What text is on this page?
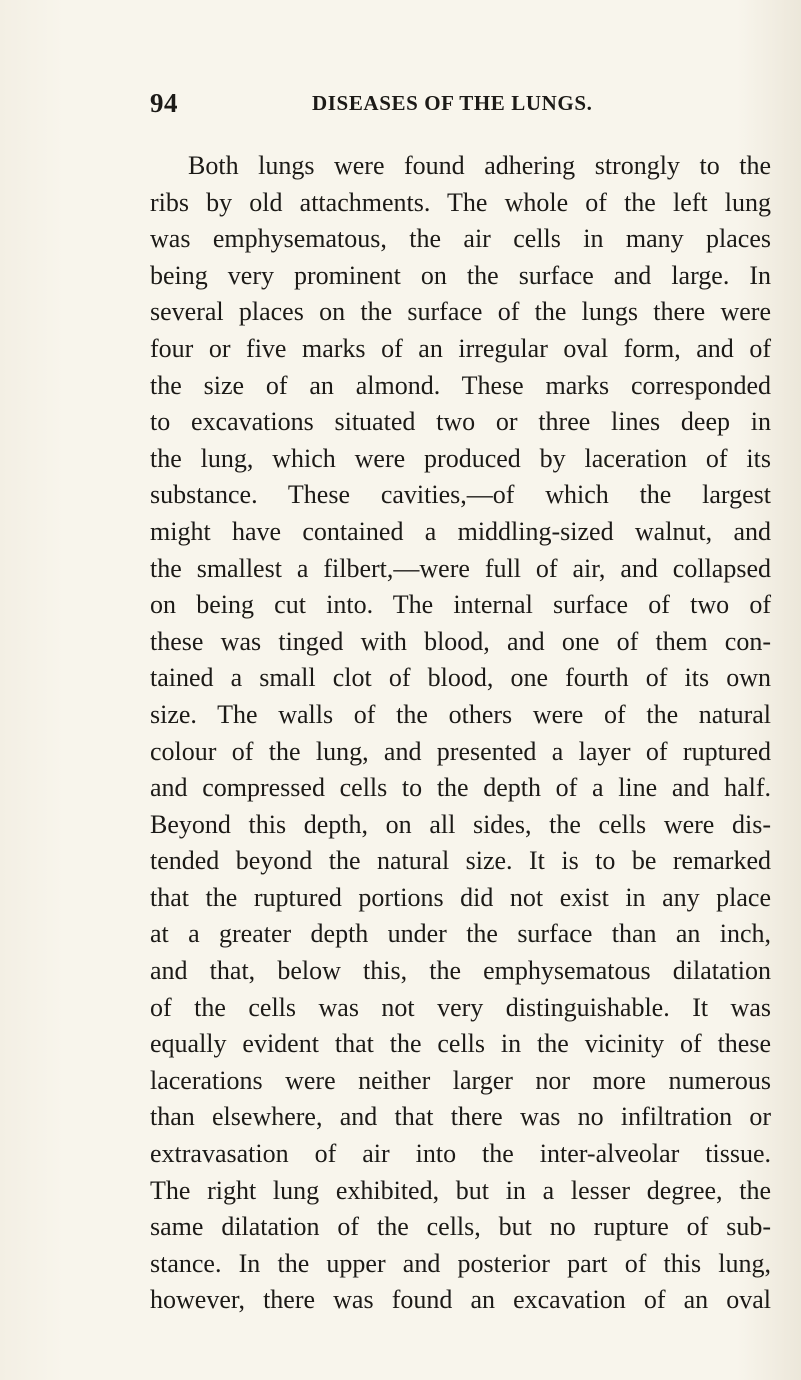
94	DISEASES OF THE LUNGS.
Both lungs were found adhering strongly to the
ribs by old attachments. The whole of the left lung
was emphysematous, the air cells in many places
being very prominent on the surface and large. In
several places on the surface of the lungs there were
four or five marks of an irregular oval form, and of
the size of an almond. These marks corresponded
to excavations situated two or three lines deep in
the lung, which were produced by laceration of its
substance. These cavities,—of which the largest
might have contained a middling-sized walnut, and
the smallest a filbert,—were full of air, and collapsed
on being cut into. The internal surface of two of
these was tinged with blood, and one of them con-
tained a small clot of blood, one fourth of its own
size. The walls of the others were of the natural
colour of the lung, and presented a layer of ruptured
and compressed cells to the depth of a line and half.
Beyond this depth, on all sides, the cells were dis-
tended beyond the natural size. It is to be remarked
that the ruptured portions did not exist in any place
at a greater depth under the surface than an inch,
and that, below this, the emphysematous dilatation
of the cells was not very distinguishable. It was
equally evident that the cells in the vicinity of these
lacerations were neither larger nor more numerous
than elsewhere, and that there was no infiltration or
extravasation of air into the inter-alveolar tissue.
The right lung exhibited, but in a lesser degree, the
same dilatation of the cells, but no rupture of sub-
stance. In the upper and posterior part of this lung,
however, there was found an excavation of an oval
